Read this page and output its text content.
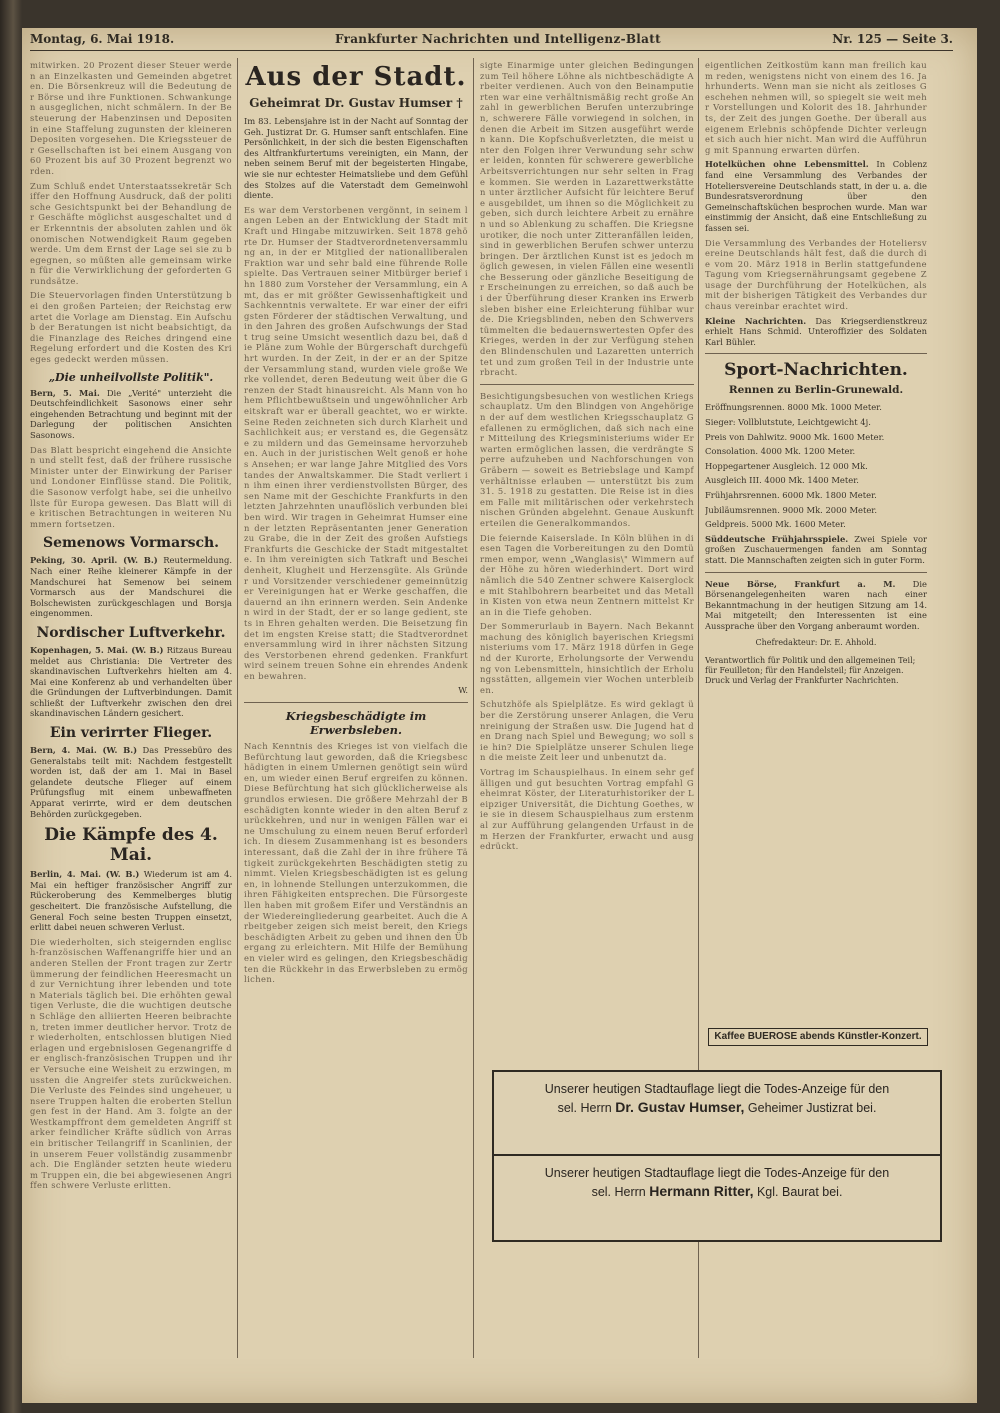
Montag, 6. Mai 1918.	Frankfurter Nachrichten und Intelligenz-Blatt	Nr. 125 — Seite 3.

mitwirken. 20 Prozent dieser Steuer werden an Einzelkasten und Gemeinden abgetreten. Die Börsenkreuz will die Bedeutung der Börse und ihre Funktionen. Schwankungen ausgeglichen, nicht schmälern. In der Besteuerung der Habenzinsen und Depositen in eine Staffelung zugunsten der kleineren Depositen vorgesehen. Die Kriegssteuer der Gesellschaften ist bei einem Ausgang von 60 Prozent bis auf 30 Prozent begrenzt worden.

Zum Schluß endet Unterstaatssekretär Schiffer den Hoffnung Ausdruck, daß der politische Gesichtspunkt bei der Behandlung der Geschäfte möglichst ausgeschaltet und der Erkenntnis der absoluten zahlen und ökonomischen Notwendigkeit Raum gegeben werde. Um dem Ernst der Lage sei sie zu begegnen, so müßten alle gemeinsam wirken für die Verwirklichung der geforderten Grundsätze.

Die Steuervorlagen finden Unterstützung bei den großen Parteien; der Reichstag erwartet die Vorlage am Dienstag. Ein Aufschub der Beratungen ist nicht beabsichtigt, da die Finanzlage des Reiches dringend eine Regelung erfordert und die Kosten des Krieges gedeckt werden müssen.

„Die unheilvollste Politik".

Bern, 5. Mai. Die „Verité" unterzieht die Deutschfeindlichkeit Sasonows einer sehr eingehenden Betrachtung und beginnt mit der Darlegung der politischen Ansichten Sasonows.

Das Blatt bespricht eingehend die Ansichten und stellt fest, daß der frühere russische Minister unter der Einwirkung der Pariser und Londoner Einflüsse stand. Die Politik, die Sasonow verfolgt habe, sei die unheilvollste für Europa gewesen. Das Blatt will die kritischen Betrachtungen in weiteren Nummern fortsetzen.

Semenows Vormarsch.

Peking, 30. April. (W. B.) Reutermeldung. Nach einer Reihe kleinerer Kämpfe in der Mandschurei hat Semenow bei seinem Vormarsch aus der Mandschurei die Bolschewisten zurückgeschlagen und Borsja eingenommen.

Nordischer Luftverkehr.

Kopenhagen, 5. Mai. (W. B.) Ritzaus Bureau meldet aus Christiania: Die Vertreter des skandinavischen Luftverkehrs hielten am 4. Mai eine Konferenz ab und verhandelten über die Gründungen der Luftverbindungen. Damit schließt der Luftverkehr zwischen den drei skandinavischen Ländern gesichert.

Ein verirrter Flieger.

Bern, 4. Mai. (W. B.) Das Pressebüro des Generalstabs teilt mit: Nachdem festgestellt worden ist, daß der am 1. Mai in Basel gelandete deutsche Flieger auf einem Prüfungsflug mit einem unbewaffneten Apparat verirrte, wird er dem deutschen Behörden zurückgegeben.

Die Kämpfe des 4. Mai.

Berlin, 4. Mai. (W. B.) Wiederum ist am 4. Mai ein heftiger französischer Angriff zur Rückeroberung des Kemmelberges blutig gescheitert. Die französische Aufstellung, die General Foch seine besten Truppen einsetzt, erlitt dabei neuen schweren Verlust.

Die wiederholten, sich steigernden englisch-französischen Waffenangriffe hier und an anderen Stellen der Front tragen zur Zertrümmerung der feindlichen Heeresmacht und zur Vernichtung ihrer lebenden und toten Materials täglich bei. Die erhöhten gewaltigen Verluste, die die wuchtigen deutschen Schläge den alliierten Heeren beibrachten, treten immer deutlicher hervor. Trotz der wiederholten, entschlossen blutigen Niederlagen und ergebnislosen Gegenangriffe der englisch-französischen Truppen und ihrer Versuche eine Weisheit zu erzwingen, mussten die Angreifer stets zurückweichen. Die Verluste des Feindes sind ungeheuer, unsere Truppen halten die eroberten Stellungen fest in der Hand. Am 3. folgte an der Westkampffront dem gemeldeten Angriff starker feindlicher Kräfte südlich von Arras ein britischer Teilangriff in Scanlinien, der in unserem Feuer vollständig zusammenbrach. Die Engländer setzten heute wiederum Truppen ein, die bei abgewiesenen Angriffen schwere Verluste erlitten.

Aus der Stadt.
Geheimrat Dr. Gustav Humser †

Im 83. Lebensjahre ist in der Nacht auf Sonntag der Geh. Justizrat Dr. G. Humser sanft entschlafen. Eine Persönlichkeit, in der sich die besten Eigenschaften des Altfrankfurtertums vereinigten, ein Mann, der neben seinem Beruf mit der begeisterten Hingabe, wie sie nur echtester Heimatsliebe und dem Gefühl des Stolzes auf die Vaterstadt dem Gemeinwohl diente.

Es war dem Verstorbenen vergönnt, in seinem langen Leben an der Entwicklung der Stadt mit Kraft und Hingabe mitzuwirken. Seit 1878 gehörte Dr. Humser der Stadtverordnetenversammlung an, in der er Mitglied der nationalliberalen Fraktion war und sehr bald eine führende Rolle spielte. Das Vertrauen seiner Mitbürger berief ihn 1880 zum Vorsteher der Versammlung, ein Amt, das er mit größter Gewissenhaftigkeit und Sachkenntnis verwaltete. Er war einer der eifrigsten Förderer der städtischen Verwaltung, und in den Jahren des großen Aufschwungs der Stadt trug seine Umsicht wesentlich dazu bei, daß die Pläne zum Wohle der Bürgerschaft durchgeführt wurden. In der Zeit, in der er an der Spitze der Versammlung stand, wurden viele große Werke vollendet, deren Bedeutung weit über die Grenzen der Stadt hinausreicht. Als Mann von hohem Pflichtbewußtsein und ungewöhnlicher Arbeitskraft war er überall geachtet, wo er wirkte. Seine Reden zeichneten sich durch Klarheit und Sachlichkeit aus; er verstand es, die Gegensätze zu mildern und das Gemeinsame hervorzuheben. Auch in der juristischen Welt genoß er hohes Ansehen; er war lange Jahre Mitglied des Vorstandes der Anwaltskammer. Die Stadt verliert in ihm einen ihrer verdienstvollsten Bürger, dessen Name mit der Geschichte Frankfurts in den letzten Jahrzehnten unauflöslich verbunden bleiben wird. Wir tragen in Geheimrat Humser einen der letzten Repräsentanten jener Generation zu Grabe, die in der Zeit des großen Aufstiegs Frankfurts die Geschicke der Stadt mitgestaltete. In ihm vereinigten sich Tatkraft und Bescheidenheit, Klugheit und Herzensgüte. Als Gründer und Vorsitzender verschiedener gemeinnütziger Vereinigungen hat er Werke geschaffen, die dauernd an ihn erinnern werden. Sein Andenken wird in der Stadt, der er so lange gedient, stets in Ehren gehalten werden. Die Beisetzung findet im engsten Kreise statt; die Stadtverordnetenversammlung wird in ihrer nächsten Sitzung des Verstorbenen ehrend gedenken. Frankfurt wird seinem treuen Sohne ein ehrendes Andenken bewahren.

W.

Kriegsbeschädigte im Erwerbsleben.

Nach Kenntnis des Krieges ist von vielfach die Befürchtung laut geworden, daß die Kriegsbeschädigten in einem Umlernen genötigt sein würden, um wieder einen Beruf ergreifen zu können. Diese Befürchtung hat sich glücklicherweise als grundlos erwiesen. Die größere Mehrzahl der Beschädigten konnte wieder in den alten Beruf zurückkehren, und nur in wenigen Fällen war eine Umschulung zu einem neuen Beruf erforderlich. In diesem Zusammenhang ist es besonders interessant, daß die Zahl der in ihre frühere Tätigkeit zurückgekehrten Beschädigten stetig zunimmt. Vielen Kriegsbeschädigten ist es gelungen, in lohnende Stellungen unterzukommen, die ihren Fähigkeiten entsprechen. Die Fürsorgestellen haben mit großem Eifer und Verständnis an der Wiedereingliederung gearbeitet. Auch die Arbeitgeber zeigen sich meist bereit, den Kriegsbeschädigten Arbeit zu geben und ihnen den Übergang zu erleichtern. Mit Hilfe der Bemühungen vieler wird es gelingen, den Kriegsbeschädigten die Rückkehr in das Erwerbsleben zu ermöglichen.

sigte Einarmige unter gleichen Bedingungen zum Teil höhere Löhne als nichtbeschädigte Arbeiter verdienen. Auch von den Beinamputierten war eine verhältnismäßig recht große Anzahl in gewerblichen Berufen unterzubringen, schwerere Fälle vorwiegend in solchen, in denen die Arbeit im Sitzen ausgeführt werden kann. Die Kopfschußverletzten, die meist unter den Folgen ihrer Verwundung sehr schwer leiden, konnten für schwerere gewerbliche Arbeitsverrichtungen nur sehr selten in Frage kommen. Sie werden in Lazarettwerkstätten unter ärztlicher Aufsicht für leichtere Berufe ausgebildet, um ihnen so die Möglichkeit zu geben, sich durch leichtere Arbeit zu ernähren und so Ablenkung zu schaffen. Die Kriegsneurotiker, die noch unter Zitteranfällen leiden, sind in gewerblichen Berufen schwer unterzubringen. Der ärztlichen Kunst ist es jedoch möglich gewesen, in vielen Fällen eine wesentliche Besserung oder gänzliche Beseitigung der Erscheinungen zu erreichen, so daß auch bei der Überführung dieser Kranken ins Erwerbsleben bisher eine Erleichterung fühlbar wurde. Die Kriegsblinden, neben den Schwerverstümmelten die bedauernswertesten Opfer des Krieges, werden in der zur Verfügung stehenden Blindenschulen und Lazaretten unterrichtet und zum großen Teil in der Industrie unterbracht.

Besichtigungsbesuchen von westlichen Kriegsschauplatz. Um den Blindgen von Angehörigen der auf dem westlichen Kriegsschauplatz Gefallenen zu ermöglichen, daß sich nach einer Mitteilung des Kriegsministeriums wider Erwarten ermöglichen lassen, die verdrängte Sperre aufzuheben und Nachforschungen von Gräbern — soweit es Betriebslage und Kampfverhältnisse erlauben — unterstützt bis zum 31. 5. 1918 zu gestatten. Die Reise ist in diesem Falle mit militärischen oder verkehrstechnischen Gründen abgelehnt. Genaue Auskunft erteilen die Generalkommandos.

Die feiernde Kaiserslade. In Köln blühen in diesen Tagen die Vorbereitungen zu den Domtürmen empor, wenn „Wanglasis\" Wimmern auf der Höhe zu hören wiederhindert. Dort wird nämlich die 540 Zentner schwere Kaiserglocke mit Stahlbohrern bearbeitet und das Metall in Kisten von etwa neun Zentnern mittelst Kran in die Tiefe gehoben.

Der Sommerurlaub in Bayern. Nach Bekanntmachung des königlich bayerischen Kriegsministeriums vom 17. März 1918 dürfen in Gegend der Kurorte, Erholungsorte der Verwendung von Lebensmitteln, hinsichtlich der Erholungsstätten, allgemein vier Wochen unterbleiben.

Schutzhöfe als Spielplätze. Es wird geklagt über die Zerstörung unserer Anlagen, die Verunreinigung der Straßen usw. Die Jugend hat den Drang nach Spiel und Bewegung; wo soll sie hin? Die Spielplätze unserer Schulen liegen die meiste Zeit leer und unbenutzt da.

Vortrag im Schauspielhaus. In einem sehr gefälligen und gut besuchten Vortrag empfahl Geheimrat Köster, der Literaturhistoriker der Leipziger Universität, die Dichtung Goethes, wie sie in diesem Schauspielhaus zum erstenmal zur Aufführung gelangenden Urfaust in dem Herzen der Frankfurter, erwacht und ausgedrückt.

eigentlichen Zeitkostüm kann man freilich kaum reden, wenigstens nicht von einem des 16. Jahrhunderts. Wenn man sie nicht als zeitloses Geschehen nehmen will, so spiegelt sie weit mehr Vorstellungen und Kolorit des 18. Jahrhunderts, der Zeit des jungen Goethe. Der überall aus eigenem Erlebnis schöpfende Dichter verleugnet sich auch hier nicht. Man wird die Aufführung mit Spannung erwarten dürfen.

Hotelküchen ohne Lebensmittel. In Coblenz fand eine Versammlung des Verbandes der Hoteliersvereine Deutschlands statt, in der u. a. die Bundesratsverordnung über den Gemeinschaftsküchen besprochen wurde. Man war einstimmig der Ansicht, daß eine Entschließung zu fassen sei.

Die Versammlung des Verbandes der Hoteliersvereine Deutschlands hält fest, daß die durch die vom 20. März 1918 in Berlin stattgefundene Tagung vom Kriegsernährungsamt gegebene Zusage der Durchführung der Hotelküchen, als mit der bisherigen Tätigkeit des Verbandes durchaus vereinbar erachtet wird.

Kleine Nachrichten. Das Kriegserdienstkreuz erhielt Hans Schmid. Unteroffizier des Soldaten Karl Bühler.

Sport-Nachrichten.
Rennen zu Berlin-Grunewald.

Eröffnungsrennen. 8000 Mk. 1000 Meter.

Sieger: Vollblutstute, Leichtgewicht 4j.

Preis von Dahlwitz. 9000 Mk. 1600 Meter.

Consolation. 4000 Mk. 1200 Meter.

Hoppegartener Ausgleich. 12 000 Mk.

Ausgleich III. 4000 Mk. 1400 Meter.

Frühjahrsrennen. 6000 Mk. 1800 Meter.

Jubiläumsrennen. 9000 Mk. 2000 Meter.

Geldpreis. 5000 Mk. 1600 Meter.

Süddeutsche Frühjahrsspiele. Zwei Spiele vor großen Zuschauermengen fanden am Sonntag statt. Die Mannschaften zeigten sich in guter Form.

Neue Börse, Frankfurt a. M. Die Börsenangelegenheiten waren nach einer Bekanntmachung in der heutigen Sitzung am 14. Mai mitgeteilt; den Interessenten ist eine Aussprache über den Vorgang anberaumt worden.

Chefredakteur: Dr. E. Ahhold.

Verantwortlich für Politik und den allgemeinen Teil; für Feuilleton; für den Handelsteil; für Anzeigen. Druck und Verlag der Frankfurter Nachrichten.

Kaffee BUEROSE abends Künstler-Konzert.
Unserer heutigen Stadtauflage liegt die Todes-Anzeige für den
sel. Herrn Dr. Gustav Humser, Geheimer Justizrat bei.
Unserer heutigen Stadtauflage liegt die Todes-Anzeige für den
sel. Herrn Hermann Ritter, Kgl. Baurat bei.
